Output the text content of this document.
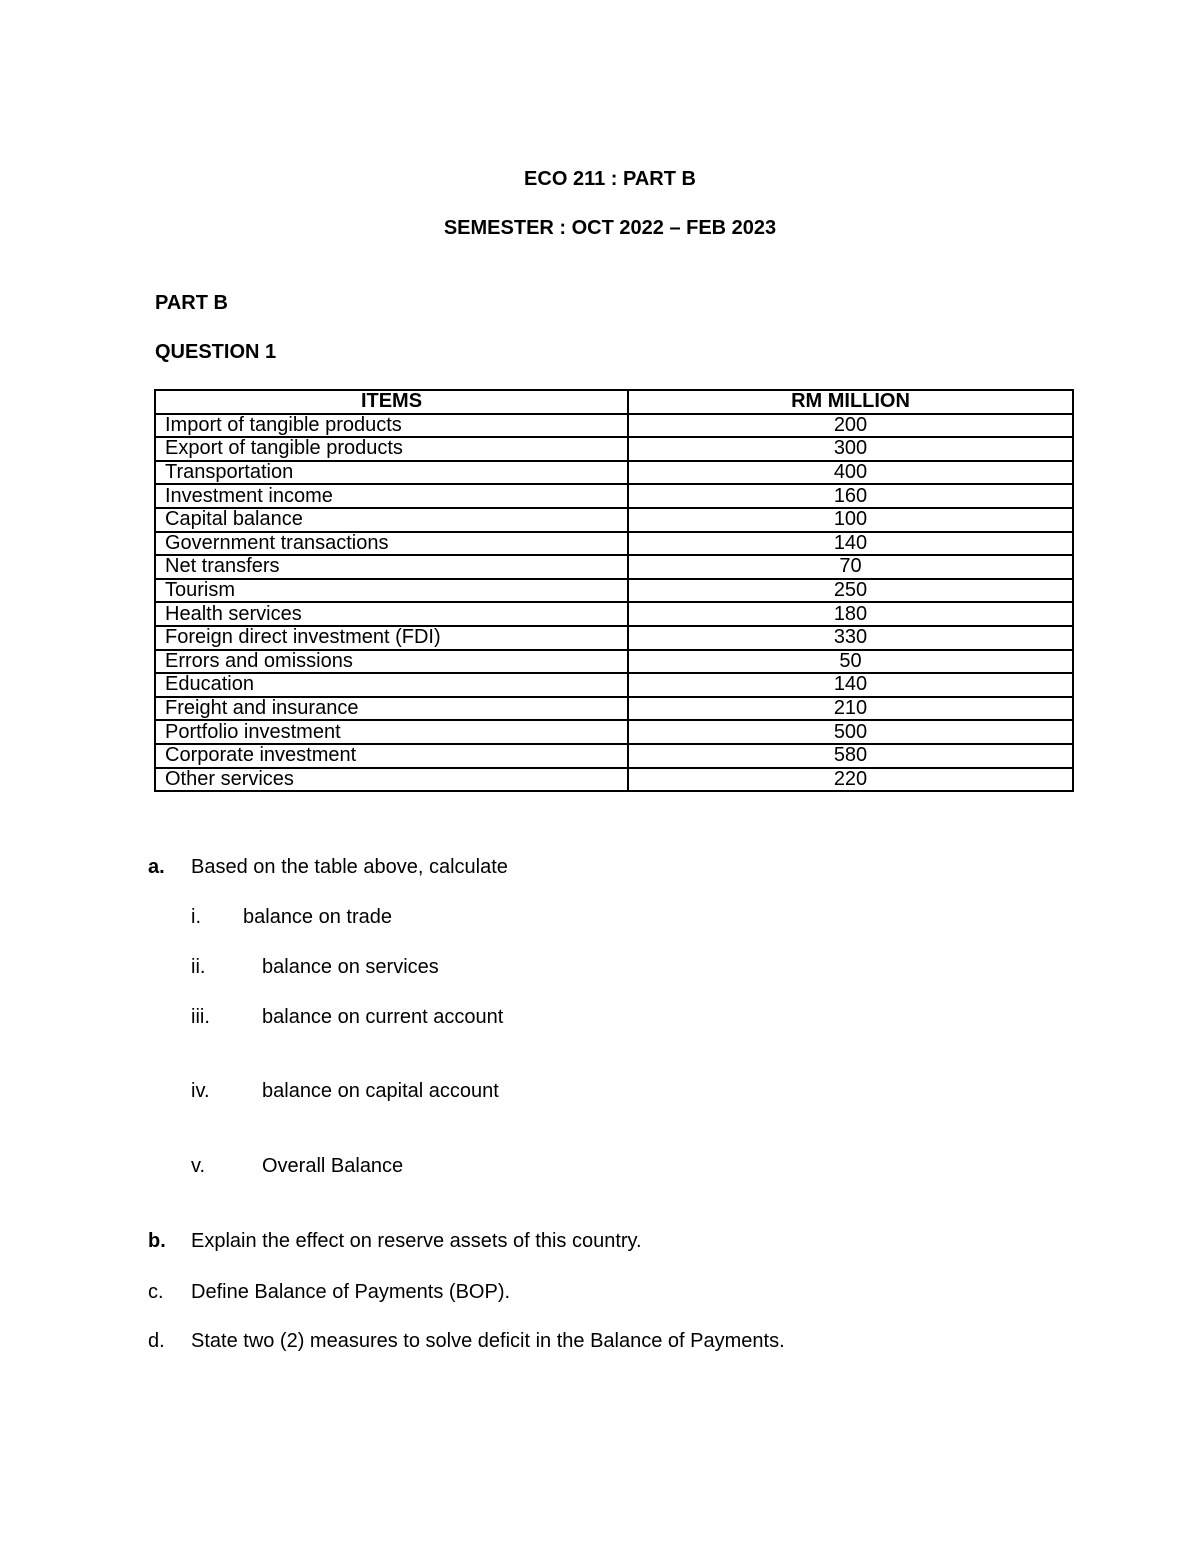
ECO 211 : PART B
SEMESTER : OCT 2022 – FEB 2023
PART B
QUESTION 1
ITEMS	RM MILLION
Import of tangible products	200
Export of tangible products	300
Transportation	400
Investment income	160
Capital balance	100
Government transactions	140
Net transfers	70
Tourism	250
Health services	180
Foreign direct investment (FDI)	330
Errors and omissions	50
Education	140
Freight and insurance	210
Portfolio investment	500
Corporate investment	580
Other services	220
a. Based on the table above, calculate
i. balance on trade
ii.	balance on services
iii.	balance on current account
iv.	balance on capital account
v.	Overall Balance
b. Explain the effect on reserve assets of this country.
c. Define Balance of Payments (BOP).
d. State two (2) measures to solve deficit in the Balance of Payments.
